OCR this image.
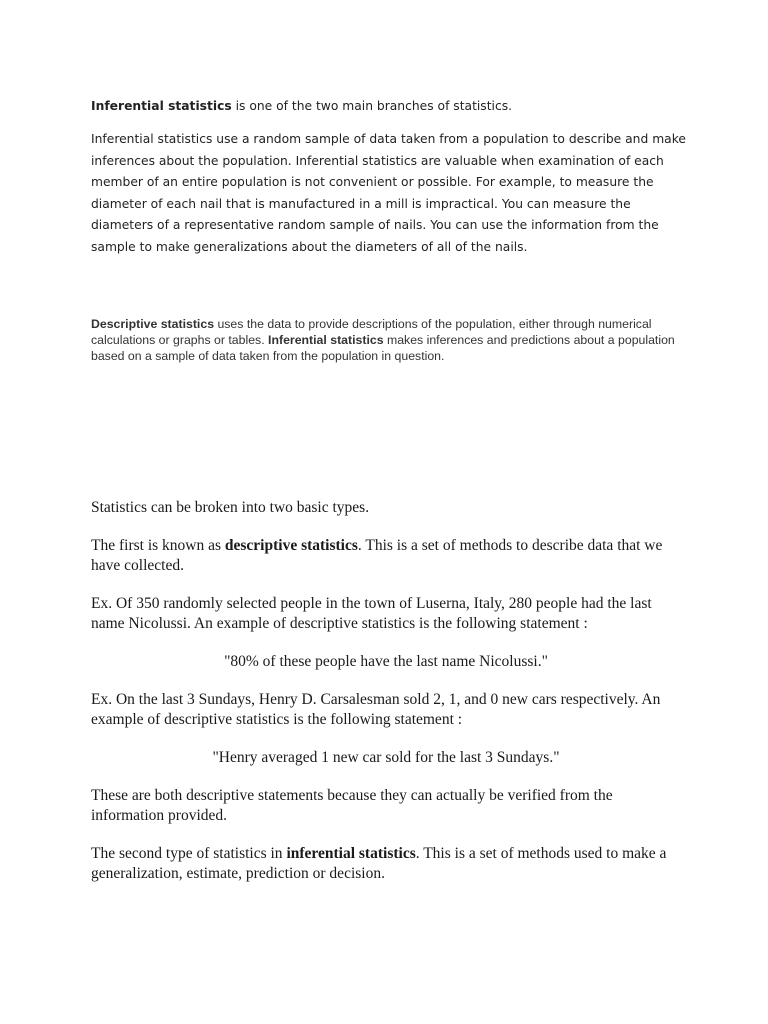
Inferential statistics is one of the two main branches of statistics.

Inferential statistics use a random sample of data taken from a population to describe and make inferences about the population. Inferential statistics are valuable when examination of each member of an entire population is not convenient or possible. For example, to measure the diameter of each nail that is manufactured in a mill is impractical. You can measure the diameters of a representative random sample of nails. You can use the information from the sample to make generalizations about the diameters of all of the nails.

Descriptive statistics uses the data to provide descriptions of the population, either through numerical calculations or graphs or tables. Inferential statistics makes inferences and predictions about a population based on a sample of data taken from the population in question.

Statistics can be broken into two basic types.

The first is known as descriptive statistics. This is a set of methods to describe data that we have collected.

Ex. Of 350 randomly selected people in the town of Luserna, Italy, 280 people had the last name Nicolussi. An example of descriptive statistics is the following statement :

"80% of these people have the last name Nicolussi."

Ex. On the last 3 Sundays, Henry D. Carsalesman sold 2, 1, and 0 new cars respectively. An example of descriptive statistics is the following statement :

"Henry averaged 1 new car sold for the last 3 Sundays."

These are both descriptive statements because they can actually be verified from the information provided.

The second type of statistics in inferential statistics. This is a set of methods used to make a generalization, estimate, prediction or decision.
